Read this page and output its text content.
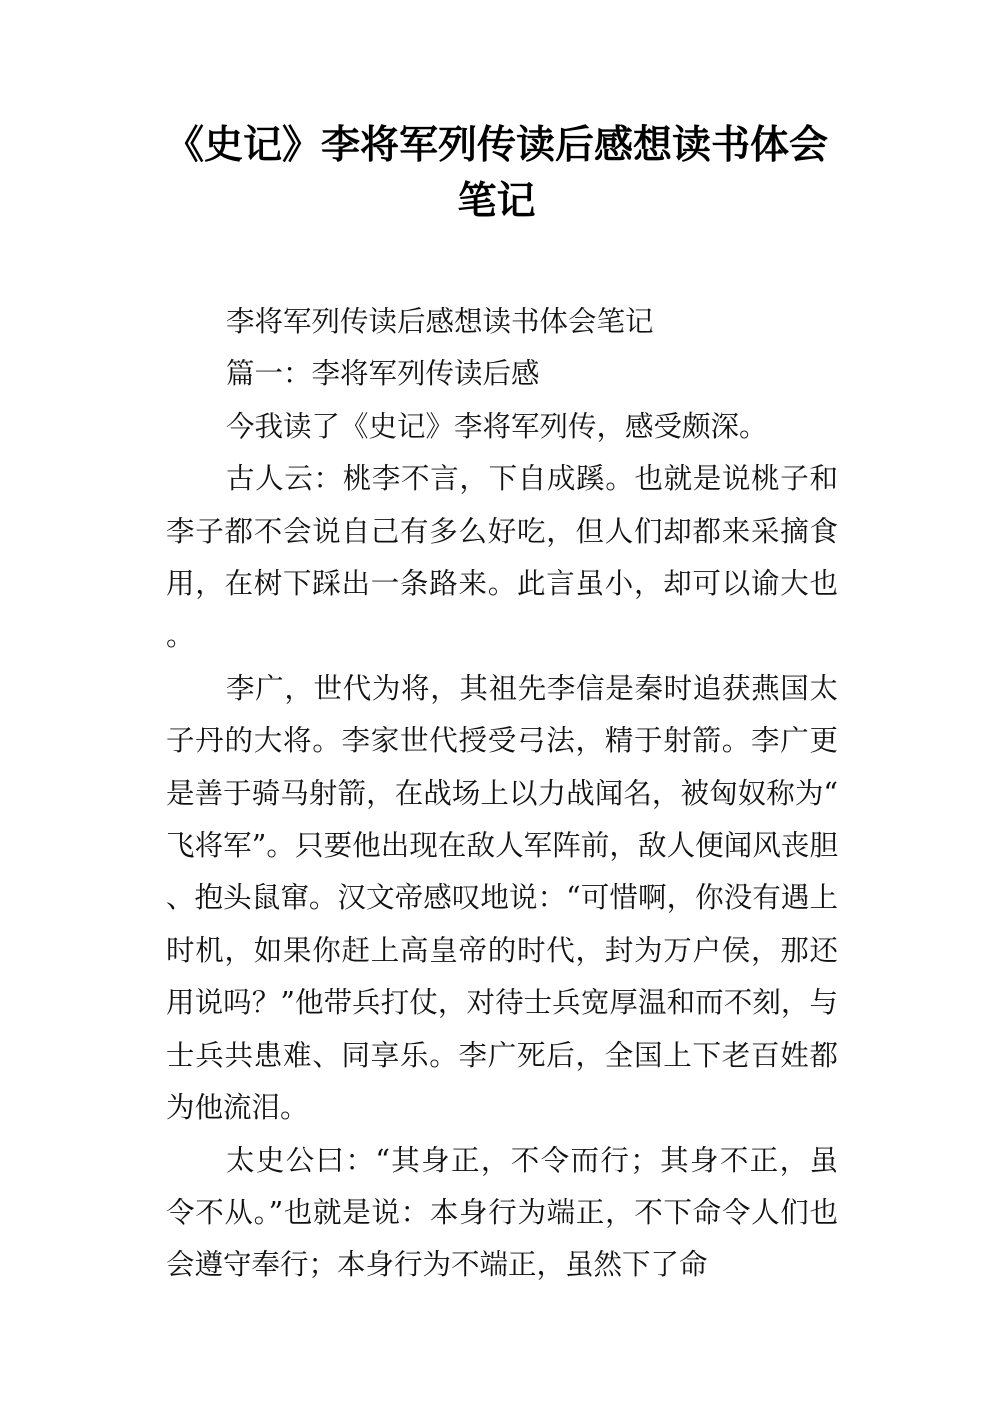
《史记》李将军列传读后感想读书体会笔记

李将军列传读后感想读书体会笔记

篇一：李将军列传读后感

今我读了《史记》李将军列传，感受颇深。

古人云：桃李不言，下自成蹊。也就是说桃子和李子都不会说自己有多么好吃，但人们却都来采摘食用，在树下踩出一条路来。此言虽小，却可以谕大也。

李广，世代为将，其祖先李信是秦时追获燕国太子丹的大将。李家世代授受弓法，精于射箭。李广更是善于骑马射箭，在战场上以力战闻名，被匈奴称为“飞将军”。只要他出现在敌人军阵前，敌人便闻风丧胆、抱头鼠窜。汉文帝感叹地说：“可惜啊，你没有遇上时机，如果你赶上高皇帝的时代，封为万户侯，那还用说吗？”他带兵打仗，对待士兵宽厚温和而不刻，与士兵共患难、同享乐。李广死后，全国上下老百姓都为他流泪。

太史公曰：“其身正，不令而行；其身不正，虽令不从。”也就是说：本身行为端正，不下命令人们也会遵守奉行；本身行为不端正，虽然下了命
